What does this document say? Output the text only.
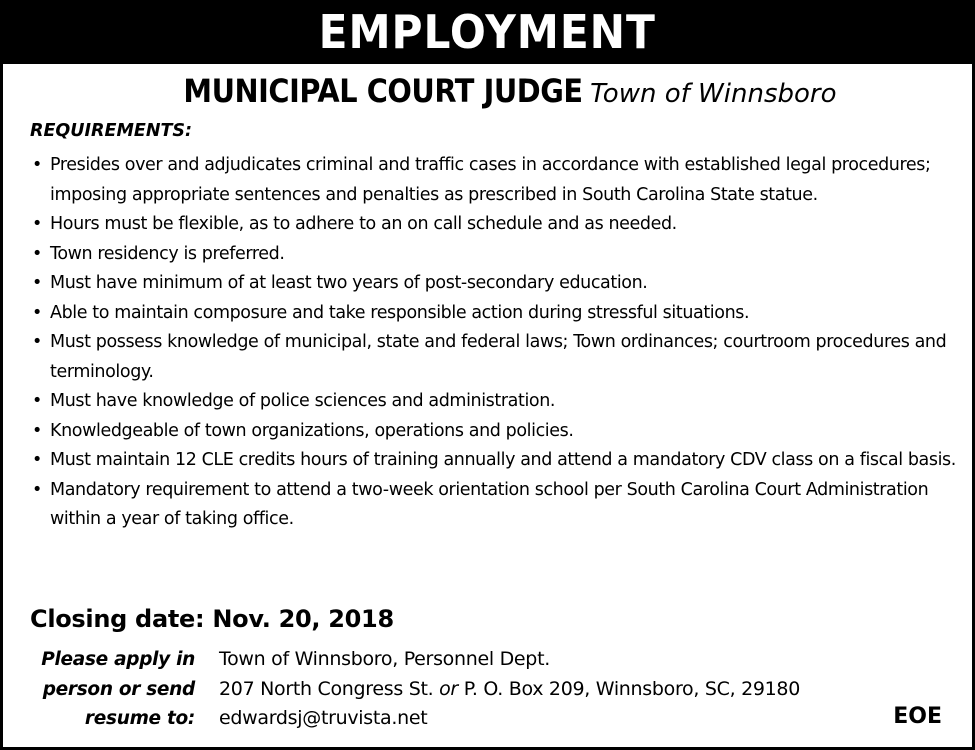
EMPLOYMENT
MUNICIPAL COURT JUDGE Town of Winnsboro
REQUIREMENTS:
• Presides over and adjudicates criminal and traffic cases in accordance with established legal procedures; imposing appropriate sentences and penalties as prescribed in South Carolina State statue.
• Hours must be flexible, as to adhere to an on call schedule and as needed.
• Town residency is preferred.
• Must have minimum of at least two years of post-secondary education.
• Able to maintain composure and take responsible action during stressful situations.
• Must possess knowledge of municipal, state and federal laws; Town ordinances; courtroom procedures and terminology.
• Must have knowledge of police sciences and administration.
• Knowledgeable of town organizations, operations and policies.
• Must maintain 12 CLE credits hours of training annually and attend a mandatory CDV class on a fiscal basis.
• Mandatory requirement to attend a two-week orientation school per South Carolina Court Administration within a year of taking office.
Closing date: Nov. 20, 2018
Please apply in
person or send
resume to:
Town of Winnsboro, Personnel Dept.
207 North Congress St. or P. O. Box 209, Winnsboro, SC, 29180
edwardsj@truvista.net	EOE
